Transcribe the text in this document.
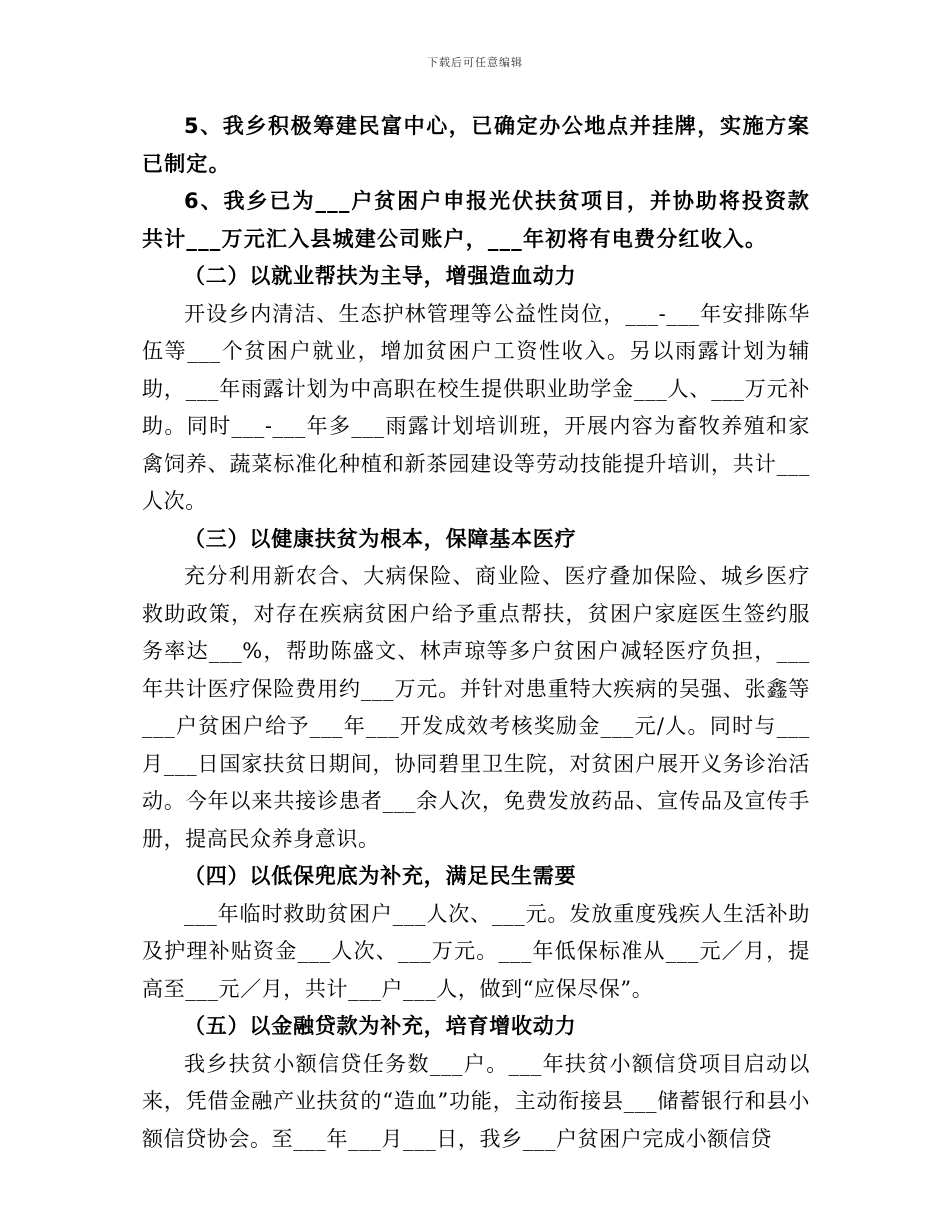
下载后可任意编辑

5、我乡积极筹建民富中心，已确定办公地点并挂牌，实施方案已制定。

6、我乡已为___户贫困户申报光伏扶贫项目，并协助将投资款共计___万元汇入县城建公司账户，___年初将有电费分红收入。

（二）以就业帮扶为主导，增强造血动力

开设乡内清洁、生态护林管理等公益性岗位，___-___年安排陈华伍等___个贫困户就业，增加贫困户工资性收入。另以雨露计划为辅助，___年雨露计划为中高职在校生提供职业助学金___人、___万元补助。同时___-___年多___雨露计划培训班，开展内容为畜牧养殖和家禽饲养、蔬菜标准化种植和新茶园建设等劳动技能提升培训，共计___人次。

（三）以健康扶贫为根本，保障基本医疗

充分利用新农合、大病保险、商业险、医疗叠加保险、城乡医疗救助政策，对存在疾病贫困户给予重点帮扶，贫困户家庭医生签约服务率达___%，帮助陈盛文、林声琼等多户贫困户减轻医疗负担，___年共计医疗保险费用约___万元。并针对患重特大疾病的吴强、张鑫等___户贫困户给予___年___开发成效考核奖励金___元/人。同时与___月___日国家扶贫日期间，协同碧里卫生院，对贫困户展开义务诊治活动。今年以来共接诊患者___余人次，免费发放药品、宣传品及宣传手册，提高民众养身意识。

（四）以低保兜底为补充，满足民生需要

___年临时救助贫困户___人次、___元。发放重度残疾人生活补助及护理补贴资金___人次、___万元。___年低保标准从___元／月，提高至___元／月，共计___户___人，做到“应保尽保”。

（五）以金融贷款为补充，培育增收动力

我乡扶贫小额信贷任务数___户。___年扶贫小额信贷项目启动以来，凭借金融产业扶贫的“造血”功能，主动衔接县___储蓄银行和县小额信贷协会。至___年___月___日，我乡___户贫困户完成小额信贷
